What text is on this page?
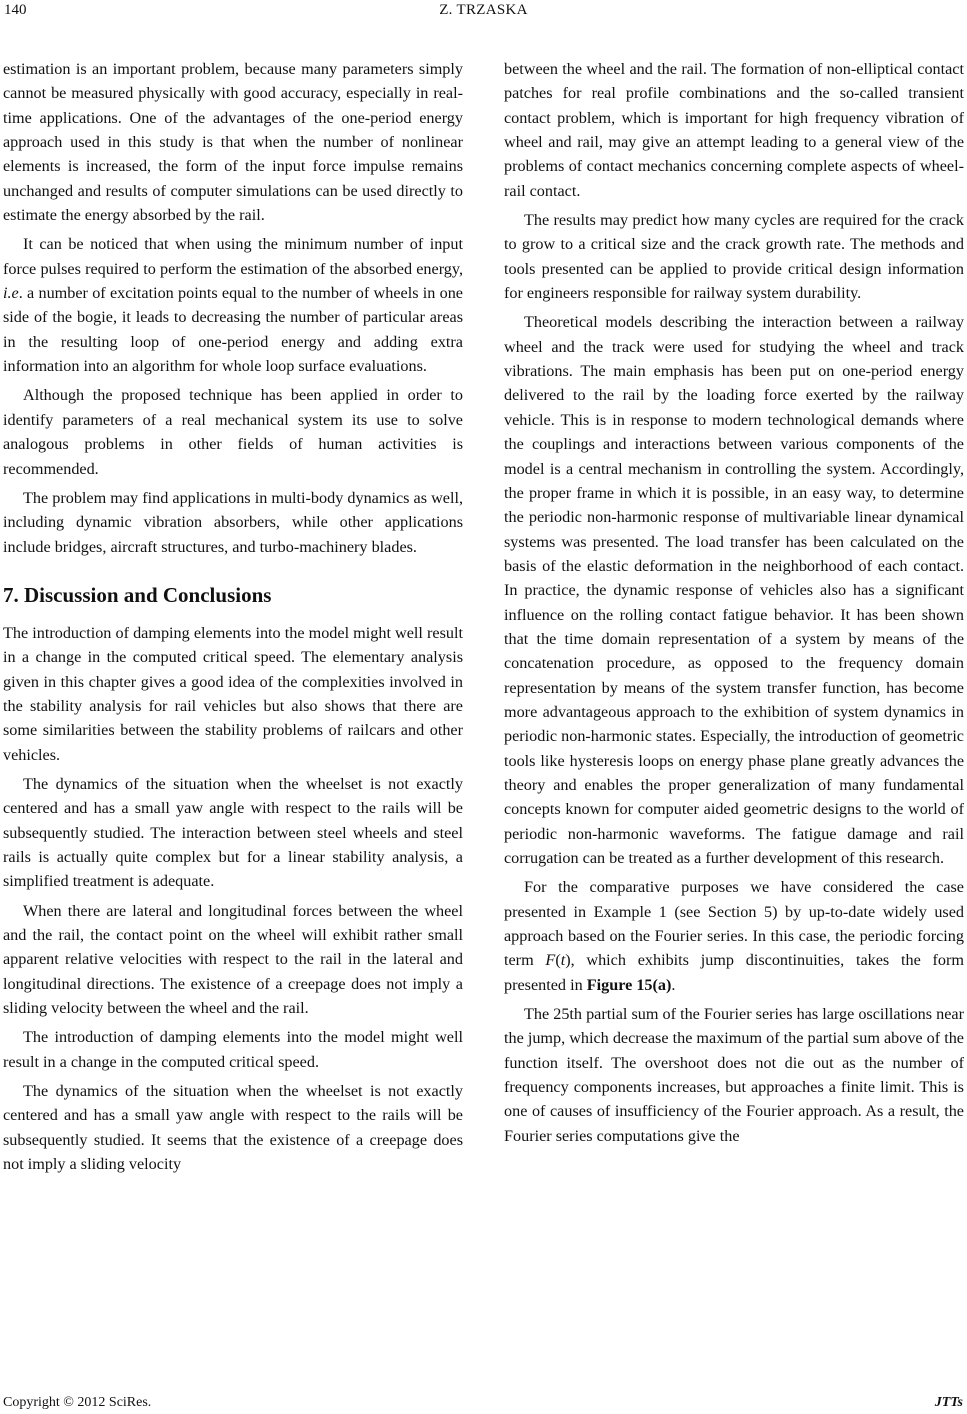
140	Z. TRZASKA

estimation is an important problem, because many parameters simply cannot be measured physically with good accuracy, especially in real-time applications. One of the advantages of the one-period energy approach used in this study is that when the number of nonlinear elements is increased, the form of the input force impulse remains unchanged and results of computer simulations can be used directly to estimate the energy absorbed by the rail.

It can be noticed that when using the minimum number of input force pulses required to perform the estimation of the absorbed energy, i.e. a number of excitation points equal to the number of wheels in one side of the bogie, it leads to decreasing the number of particular areas in the resulting loop of one-period energy and adding extra information into an algorithm for whole loop surface evaluations.

Although the proposed technique has been applied in order to identify parameters of a real mechanical system its use to solve analogous problems in other fields of human activities is recommended.

The problem may find applications in multi-body dynamics as well, including dynamic vibration absorbers, while other applications include bridges, aircraft structures, and turbo-machinery blades.

7. Discussion and Conclusions

The introduction of damping elements into the model might well result in a change in the computed critical speed. The elementary analysis given in this chapter gives a good idea of the complexities involved in the stability analysis for rail vehicles but also shows that there are some similarities between the stability problems of railcars and other vehicles.

The dynamics of the situation when the wheelset is not exactly centered and has a small yaw angle with respect to the rails will be subsequently studied. The interaction between steel wheels and steel rails is actually quite complex but for a linear stability analysis, a simplified treatment is adequate.

When there are lateral and longitudinal forces between the wheel and the rail, the contact point on the wheel will exhibit rather small apparent relative velocities with respect to the rail in the lateral and longitudinal directions. The existence of a creepage does not imply a sliding velocity between the wheel and the rail.

The introduction of damping elements into the model might well result in a change in the computed critical speed.

The dynamics of the situation when the wheelset is not exactly centered and has a small yaw angle with respect to the rails will be subsequently studied. It seems that the existence of a creepage does not imply a sliding velocity

between the wheel and the rail. The formation of non-elliptical contact patches for real profile combinations and the so-called transient contact problem, which is important for high frequency vibration of wheel and rail, may give an attempt leading to a general view of the problems of contact mechanics concerning complete aspects of wheel-rail contact.

The results may predict how many cycles are required for the crack to grow to a critical size and the crack growth rate. The methods and tools presented can be applied to provide critical design information for engineers responsible for railway system durability.

Theoretical models describing the interaction between a railway wheel and the track were used for studying the wheel and track vibrations. The main emphasis has been put on one-period energy delivered to the rail by the loading force exerted by the railway vehicle. This is in response to modern technological demands where the couplings and interactions between various components of the model is a central mechanism in controlling the system. Accordingly, the proper frame in which it is possible, in an easy way, to determine the periodic non-harmonic response of multivariable linear dynamical systems was presented. The load transfer has been calculated on the basis of the elastic deformation in the neighborhood of each contact. In practice, the dynamic response of vehicles also has a significant influence on the rolling contact fatigue behavior. It has been shown that the time domain representation of a system by means of the concatenation procedure, as opposed to the frequency domain representation by means of the system transfer function, has become more advantageous approach to the exhibition of system dynamics in periodic non-harmonic states. Especially, the introduction of geometric tools like hysteresis loops on energy phase plane greatly advances the theory and enables the proper generalization of many fundamental concepts known for computer aided geometric designs to the world of periodic non-harmonic waveforms. The fatigue damage and rail corrugation can be treated as a further development of this research.

For the comparative purposes we have considered the case presented in Example 1 (see Section 5) by up-to-date widely used approach based on the Fourier series. In this case, the periodic forcing term F(t), which exhibits jump discontinuities, takes the form presented in Figure 15(a).

The 25th partial sum of the Fourier series has large oscillations near the jump, which decrease the maximum of the partial sum above of the function itself. The overshoot does not die out as the number of frequency components increases, but approaches a finite limit. This is one of causes of insufficiency of the Fourier approach. As a result, the Fourier series computations give the

Copyright © 2012 SciRes.	JTTs
